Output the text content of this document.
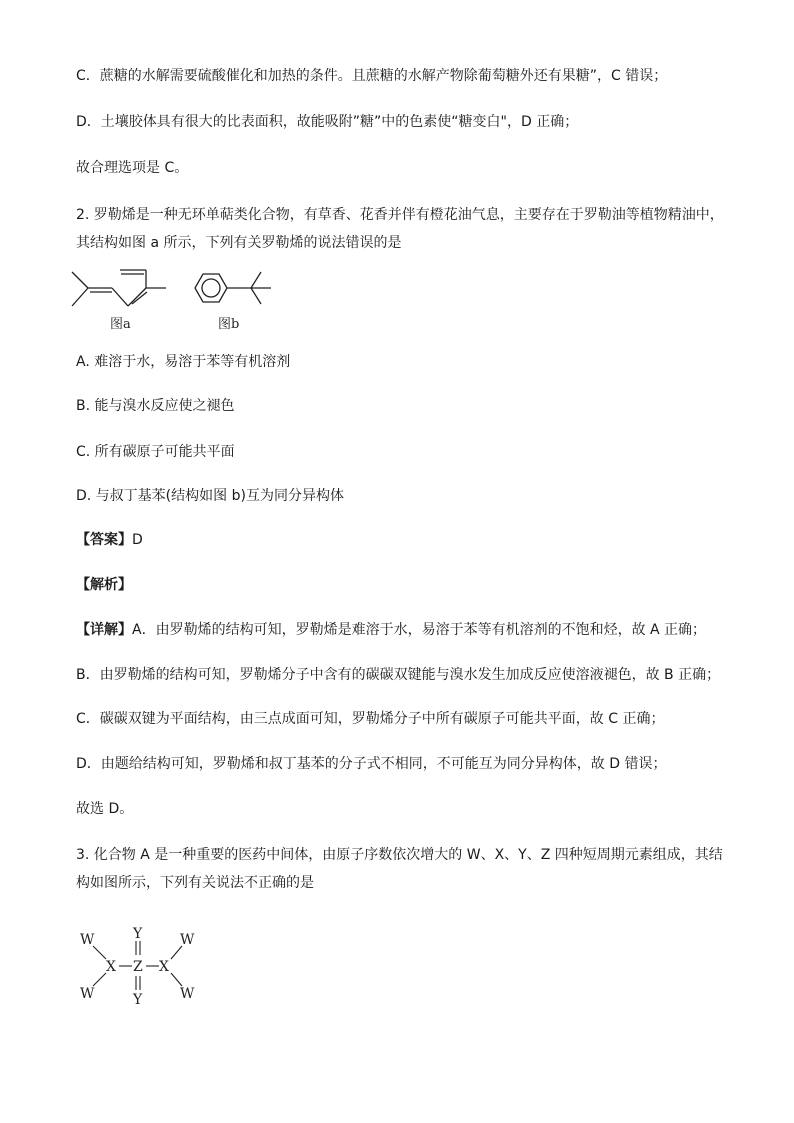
C．蔗糖的水解需要硫酸催化和加热的条件。且蔗糖的水解产物除葡萄糖外还有果糖”，C 错误；
D．土壤胶体具有很大的比表面积，故能吸附”糖”中的色素使“糖变白"，D 正确；
故合理选项是 C。
2. 罗勒烯是一种无环单萜类化合物，有草香、花香并伴有橙花油气息，主要存在于罗勒油等植物精油中，
其结构如图 a 所示，下列有关罗勒烯的说法错误的是
图a	图b
A. 难溶于水，易溶于苯等有机溶剂
B. 能与溴水反应使之褪色
C. 所有碳原子可能共平面
D. 与叔丁基苯(结构如图 b)互为同分异构体
【答案】D
【解析】
【详解】A．由罗勒烯的结构可知，罗勒烯是难溶于水，易溶于苯等有机溶剂的不饱和烃，故 A 正确；
B．由罗勒烯的结构可知，罗勒烯分子中含有的碳碳双键能与溴水发生加成反应使溶液褪色，故 B 正确；
C．碳碳双键为平面结构，由三点成面可知，罗勒烯分子中所有碳原子可能共平面，故 C 正确；
D．由题给结构可知，罗勒烯和叔丁基苯的分子式不相同，不可能互为同分异构体，故 D 错误；
故选 D。
3. 化合物 A 是一种重要的医药中间体，由原子序数依次增大的 W、X、Y、Z 四种短周期元素组成，其结
构如图所示，下列有关说法不正确的是
W
W
X
Y
Z
Y
X
W
W
